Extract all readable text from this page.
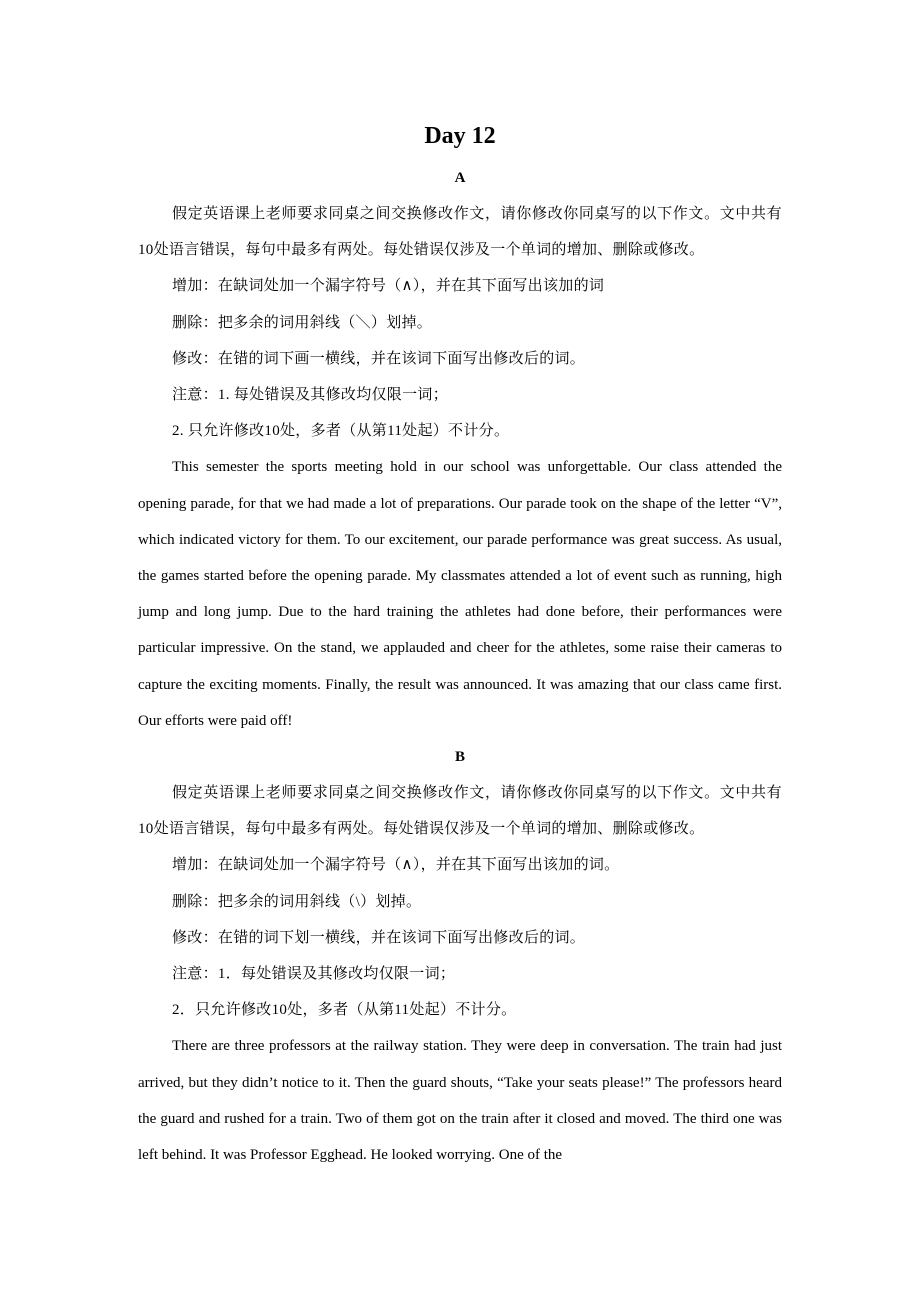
Day 12
A

假定英语课上老师要求同桌之间交换修改作文，请你修改你同桌写的以下作文。文中共有10处语言错误，每句中最多有两处。每处错误仅涉及一个单词的增加、删除或修改。

增加：在缺词处加一个漏字符号（∧），并在其下面写出该加的词

删除：把多余的词用斜线（＼）划掉。

修改：在错的词下画一横线，并在该词下面写出修改后的词。

注意：1. 每处错误及其修改均仅限一词；

2. 只允许修改10处，多者（从第11处起）不计分。

This semester the sports meeting hold in our school was unforgettable. Our class attended the opening parade, for that we had made a lot of preparations. Our parade took on the shape of the letter “V”, which indicated victory for them. To our excitement, our parade performance was great success. As usual, the games started before the opening parade. My classmates attended a lot of event such as running, high jump and long jump. Due to the hard training the athletes had done before, their performances were particular impressive. On the stand, we applauded and cheer for the athletes, some raise their cameras to capture the exciting moments. Finally, the result was announced. It was amazing that our class came first. Our efforts were paid off!

B

假定英语课上老师要求同桌之间交换修改作文，请你修改你同桌写的以下作文。文中共有10处语言错误，每句中最多有两处。每处错误仅涉及一个单词的增加、删除或修改。

增加：在缺词处加一个漏字符号（∧），并在其下面写出该加的词。

删除：把多余的词用斜线（\）划掉。

修改：在错的词下划一横线，并在该词下面写出修改后的词。

注意：1．每处错误及其修改均仅限一词；

2．只允许修改10处，多者（从第11处起）不计分。

There are three professors at the railway station. They were deep in conversation. The train had just arrived, but they didn’t notice to it. Then the guard shouts, “Take your seats please!” The professors heard the guard and rushed for a train. Two of them got on the train after it closed and moved. The third one was left behind. It was Professor Egghead. He looked worrying. One of the
